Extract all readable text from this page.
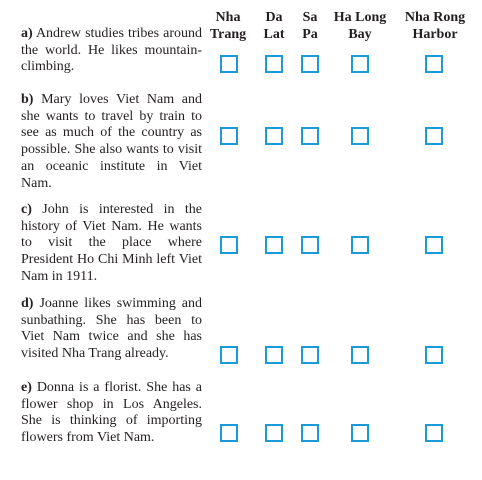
Nha
Trang
Da
Lat
Sa
Pa
Ha Long
Bay
Nha Rong
Harbor
a) Andrew studies tribes around the world. He likes mountain-climbing.
b) Mary loves Viet Nam and she wants to travel by train to see as much of the country as possible. She also wants to visit an oceanic institute in Viet Nam.
c) John is interested in the history of Viet Nam. He wants to visit the place where President Ho Chi Minh left Viet Nam in 1911.
d) Joanne likes swimming and sunbathing. She has been to Viet Nam twice and she has visited Nha Trang already.
e) Donna is a florist. She has a flower shop in Los Angeles. She is thinking of importing flowers from Viet Nam.
